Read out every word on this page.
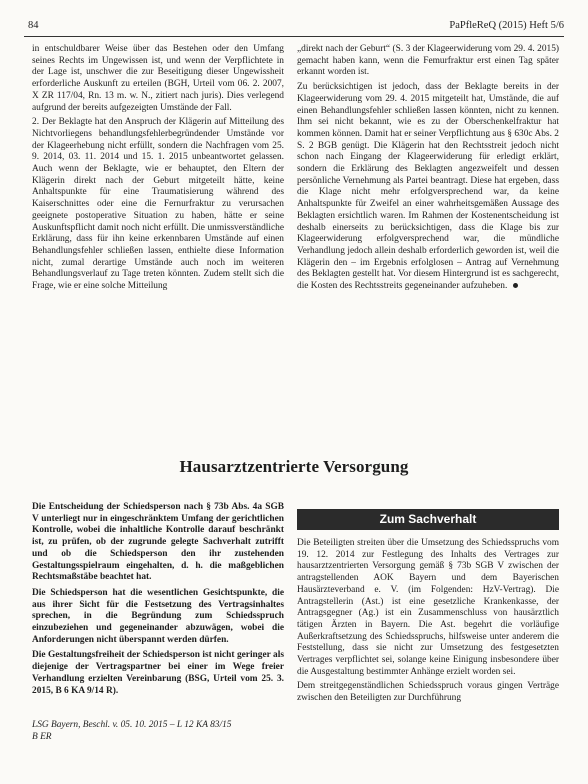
84	PaPfleReQ (2015) Heft 5/6

in entschuldbarer Weise über das Bestehen oder den Umfang seines Rechts im Ungewissen ist, und wenn der Verpflichtete in der Lage ist, unschwer die zur Beseitigung dieser Ungewissheit erforderliche Auskunft zu erteilen (BGH, Urteil vom 06. 2. 2007, X ZR 117/04, Rn. 13 m. w. N., zitiert nach juris). Dies verlegend aufgrund der bereits aufgezeigten Umstände der Fall.

2. Der Beklagte hat den Anspruch der Klägerin auf Mitteilung des Nichtvorliegens behandlungsfehlerbegründender Umstände vor der Klageerhebung nicht erfüllt, sondern die Nachfragen vom 25. 9. 2014, 03. 11. 2014 und 15. 1. 2015 unbeantwortet gelassen. Auch wenn der Beklagte, wie er behauptet, den Eltern der Klägerin direkt nach der Geburt mitgeteilt hätte, keine Anhaltspunkte für eine Traumatisierung während des Kaiserschnittes oder eine die Fernurfraktur zu verursachen geeignete postoperative Situation zu haben, hätte er seine Auskunftspflicht damit noch nicht erfüllt. Die unmissverständliche Erklärung, dass für ihn keine erkennbaren Umstände auf einen Behandlungsfehler schließen lassen, enthielte diese Information nicht, zumal derartige Umstände auch noch im weiteren Behandlungsverlauf zu Tage treten könnten. Zudem stellt sich die Frage, wie er eine solche Mitteilung

„direkt nach der Geburt“ (S. 3 der Klageerwiderung vom 29. 4. 2015) gemacht haben kann, wenn die Femurfraktur erst einen Tag später erkannt worden ist.

Zu berücksichtigen ist jedoch, dass der Beklagte bereits in der Klageerwiderung vom 29. 4. 2015 mitgeteilt hat, Umstände, die auf einen Behandlungsfehler schließen lassen könnten, nicht zu kennen. Ihm sei nicht bekannt, wie es zu der Oberschenkelfraktur hat kommen können. Damit hat er seiner Verpflichtung aus § 630c Abs. 2 S. 2 BGB genügt. Die Klägerin hat den Rechtsstreit jedoch nicht schon nach Eingang der Klageerwiderung für erledigt erklärt, sondern die Erklärung des Beklagten angezweifelt und dessen persönliche Vernehmung als Partei beantragt. Diese hat ergeben, dass die Klage nicht mehr erfolgversprechend war, da keine Anhaltspunkte für Zweifel an einer wahrheitsgemäßen Aussage des Beklagten ersichtlich waren. Im Rahmen der Kostenentscheidung ist deshalb einerseits zu berücksichtigen, dass die Klage bis zur Klageerwiderung erfolgversprechend war, die mündliche Verhandlung jedoch allein deshalb erforderlich geworden ist, weil die Klägerin den – im Ergebnis erfolglosen – Antrag auf Vernehmung des Beklagten gestellt hat. Vor diesem Hintergrund ist es sachgerecht, die Kosten des Rechtsstreits gegeneinander aufzuheben.

Hausarztzentrierte Versorgung

Die Entscheidung der Schiedsperson nach § 73b Abs. 4a SGB V unterliegt nur in eingeschränktem Umfang der gerichtlichen Kontrolle, wobei die inhaltliche Kontrolle darauf beschränkt ist, zu prüfen, ob der zugrunde gelegte Sachverhalt zutrifft und ob die Schiedsperson den ihr zustehenden Gestaltungsspielraum eingehalten, d. h. die maßgeblichen Rechtsmaßstäbe beachtet hat.

Die Schiedsperson hat die wesentlichen Gesichtspunkte, die aus ihrer Sicht für die Festsetzung des Vertragsinhaltes sprechen, in die Begründung zum Schiedsspruch einzubeziehen und gegeneinander abzuwägen, wobei die Anforderungen nicht überspannt werden dürfen.

Die Gestaltungsfreiheit der Schiedsperson ist nicht geringer als diejenige der Vertragspartner bei einer im Wege freier Verhandlung erzielten Vereinbarung (BSG, Urteil vom 25. 3. 2015, B 6 KA 9/14 R).

LSG Bayern, Beschl. v. 05. 10. 2015 – L 12 KA 83/15
B ER
Zum Sachverhalt

Die Beteiligten streiten über die Umsetzung des Schiedsspruchs vom 19. 12. 2014 zur Festlegung des Inhalts des Vertrages zur hausarztzentrierten Versorgung gemäß § 73b SGB V zwischen der antragstellenden AOK Bayern und dem Bayerischen Hausärzteverband e. V. (im Folgenden: HzV-Vertrag). Die Antragstellerin (Ast.) ist eine gesetzliche Krankenkasse, der Antragsgegner (Ag.) ist ein Zusammenschluss von hausärztlich tätigen Ärzten in Bayern. Die Ast. begehrt die vorläufige Außerkraftsetzung des Schiedsspruchs, hilfsweise unter anderem die Feststellung, dass sie nicht zur Umsetzung des festgesetzten Vertrages verpflichtet sei, solange keine Einigung insbesondere über die Ausgestaltung bestimmter Anhänge erzielt worden sei.

Dem streitgegenständlichen Schiedsspruch voraus gingen Verträge zwischen den Beteiligten zur Durchführung
